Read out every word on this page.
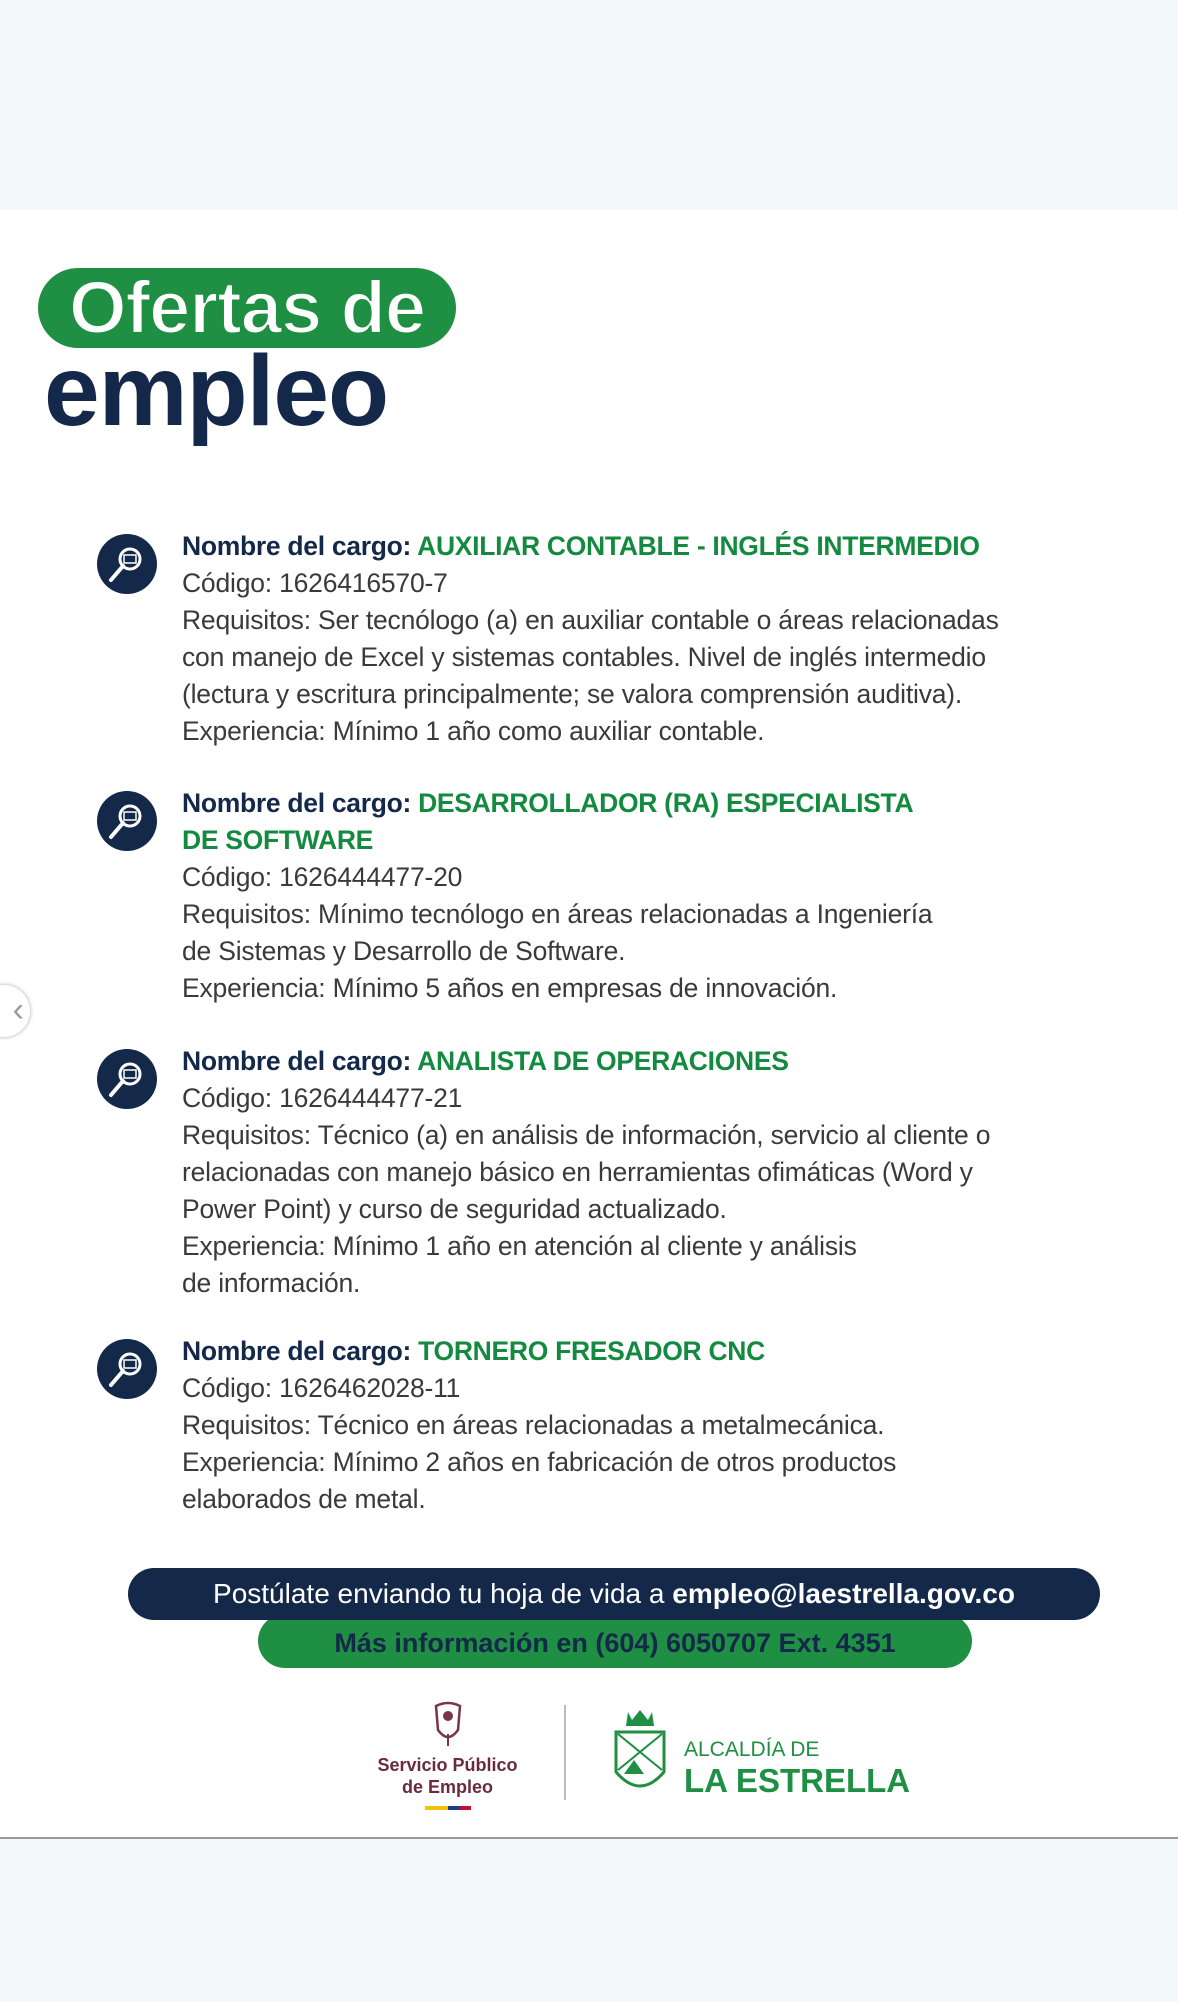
Ofertas de
empleo
Nombre del cargo: AUXILIAR CONTABLE - INGLÉS INTERMEDIO
Código: 1626416570-7
Requisitos: Ser tecnólogo (a) en auxiliar contable o áreas relacionadas
con manejo de Excel y sistemas contables. Nivel de inglés intermedio
(lectura y escritura principalmente; se valora comprensión auditiva).
Experiencia: Mínimo 1 año como auxiliar contable.
Nombre del cargo: DESARROLLADOR (RA) ESPECIALISTA
DE SOFTWARE
Código: 1626444477-20
Requisitos: Mínimo tecnólogo en áreas relacionadas a Ingeniería
de Sistemas y Desarrollo de Software.
Experiencia: Mínimo 5 años en empresas de innovación.
Nombre del cargo: ANALISTA DE OPERACIONES
Código: 1626444477-21
Requisitos: Técnico (a) en análisis de información, servicio al cliente o
relacionadas con manejo básico en herramientas ofimáticas (Word y
Power Point) y curso de seguridad actualizado.
Experiencia: Mínimo 1 año en atención al cliente y análisis
de información.
Nombre del cargo: TORNERO FRESADOR CNC
Código: 1626462028-11
Requisitos: Técnico en áreas relacionadas a metalmecánica.
Experiencia: Mínimo 2 años en fabricación de otros productos
elaborados de metal.
‹
Postúlate enviando tu hoja de vida a empleo@laestrella.gov.co
Más información en (604) 6050707 Ext. 4351
Servicio Público
de Empleo
ALCALDÍA DE
LA ESTRELLA
